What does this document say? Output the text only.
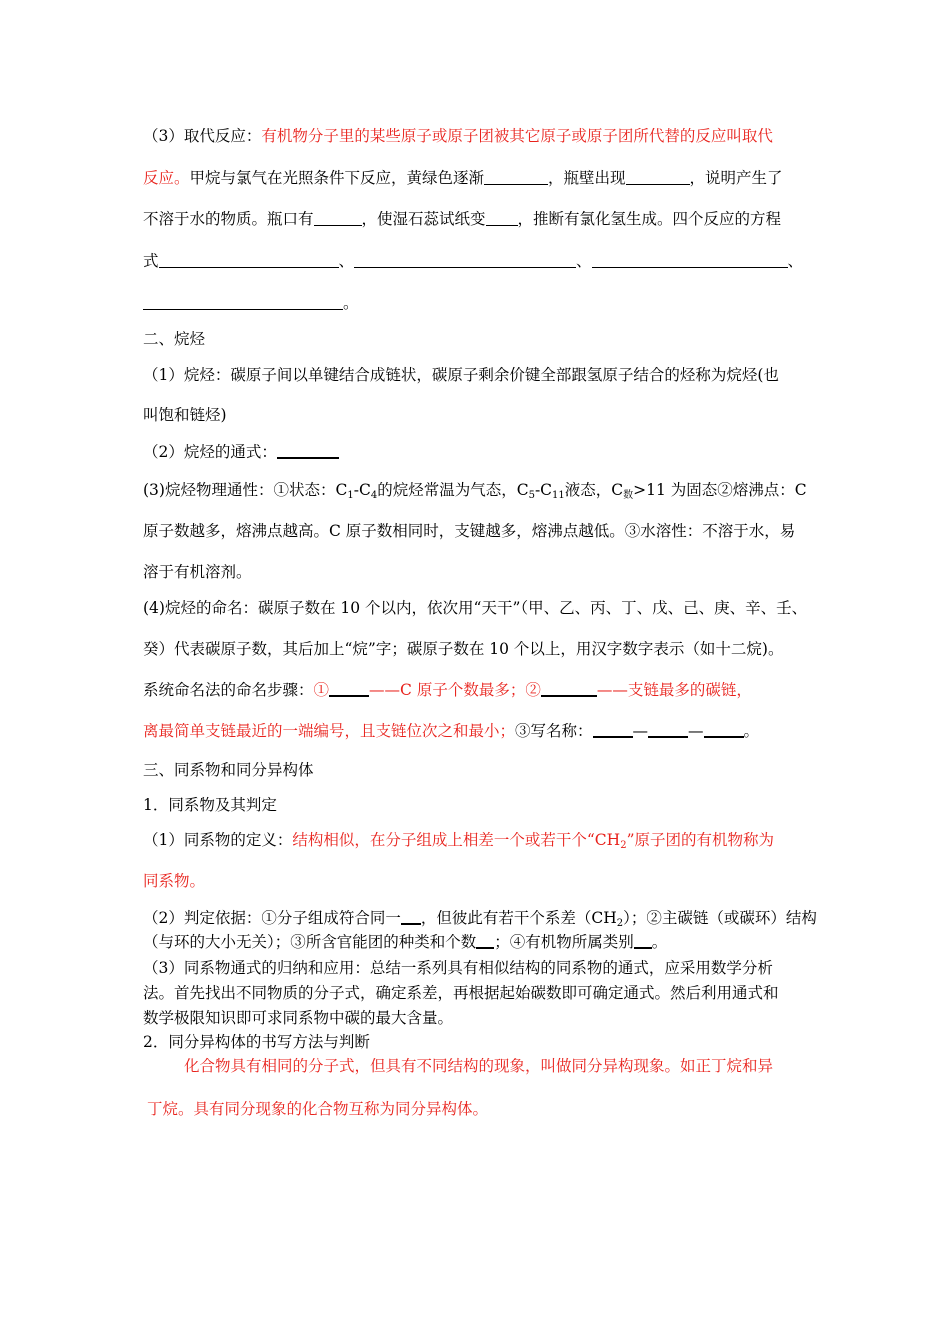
（3）取代反应：有机物分子里的某些原子或原子团被其它原子或原子团所代替的反应叫取代
反应。甲烷与氯气在光照条件下反应，黄绿色逐渐	，瓶壁出现	，说明产生了
不溶于水的物质。瓶口有	，使湿石蕊试纸变 ，推断有氯化氢生成。四个反应的方程
式	、	、	、
。
二、烷烃
（1）烷烃：碳原子间以单键结合成链状，碳原子剩余价键全部跟氢原子结合的烃称为烷烃(也
叫饱和链烃)
（2）烷烃的通式：
(3)烷烃物理通性：①状态：$C_1-C_4$的烷烃常温为气态，$C_5-C_{11}$液态，$C_数>11$ 为固态②熔沸点：C
原子数越多，熔沸点越高。C 原子数相同时，支键越多，熔沸点越低。③水溶性：不溶于水，易
溶于有机溶剂。
(4)烷烃的命名：碳原子数在 10 个以内，依次用“天干”（甲、乙、丙、丁、戊、己、庚、辛、壬、
癸）代表碳原子数，其后加上“烷”字；碳原子数在 10 个以上，用汉字数字表示（如十二烷)。
系统命名法的命名步骤：①	——C 原子个数最多；②	——支链最多的碳链，
离最简单支链最近的一端编号，且支链位次之和最小；③写名称：	—	—	。
三、同系物和同分异构体
1．同系物及其判定
（1）同系物的定义：结构相似，在分子组成上相差一个或若干个“$CH_2$”原子团的有机物称为
同系物。
（2）判定依据：①分子组成符合同一 ，但彼此有若干个系差$(CH_2)$；②主碳链（或碳环）结构
（与环的大小无关）；③所含官能团的种类和个数 ；④有机物所属类别 。
（3）同系物通式的归纳和应用：总结一系列具有相似结构的同系物的通式，应采用数学分析
法。首先找出不同物质的分子式，确定系差，再根据起始碳数即可确定通式。然后利用通式和
数学极限知识即可求同系物中碳的最大含量。
2．同分异构体的书写方法与判断
化合物具有相同的分子式，但具有不同结构的现象，叫做同分异构现象。如正丁烷和异
丁烷。具有同分现象的化合物互称为同分异构体。
